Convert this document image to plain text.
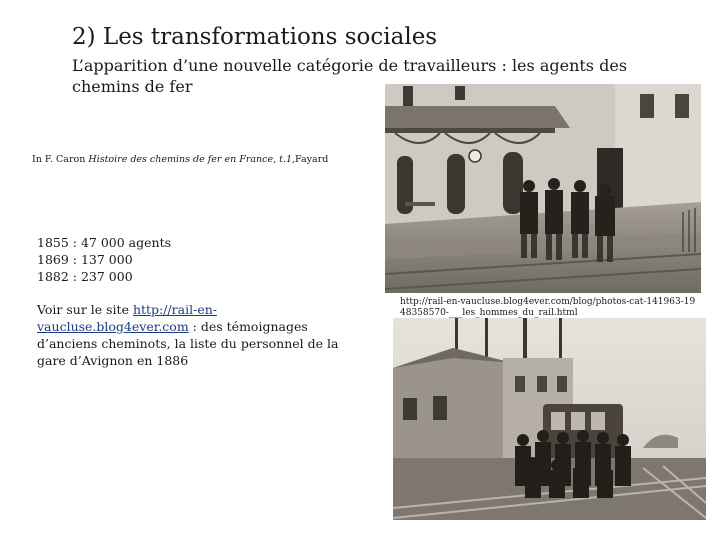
2) Les transformations sociales

L’apparition d’une nouvelle catégorie de travailleurs : les agents des chemins de fer

In F. Caron Histoire des chemins de fer en France, t.1,Fayard
1855 : 47 000 agents
1869 : 137 000
1882 : 237 000
Voir sur le site http://rail-en-vaucluse.blog4ever.com : des témoignages d’anciens cheminots, la liste du personnel de la gare d’Avignon en 1886
http://rail-en-vaucluse.blog4ever.com/blog/photos-cat-141963-1948358570-___les_hommes_du_rail.html
